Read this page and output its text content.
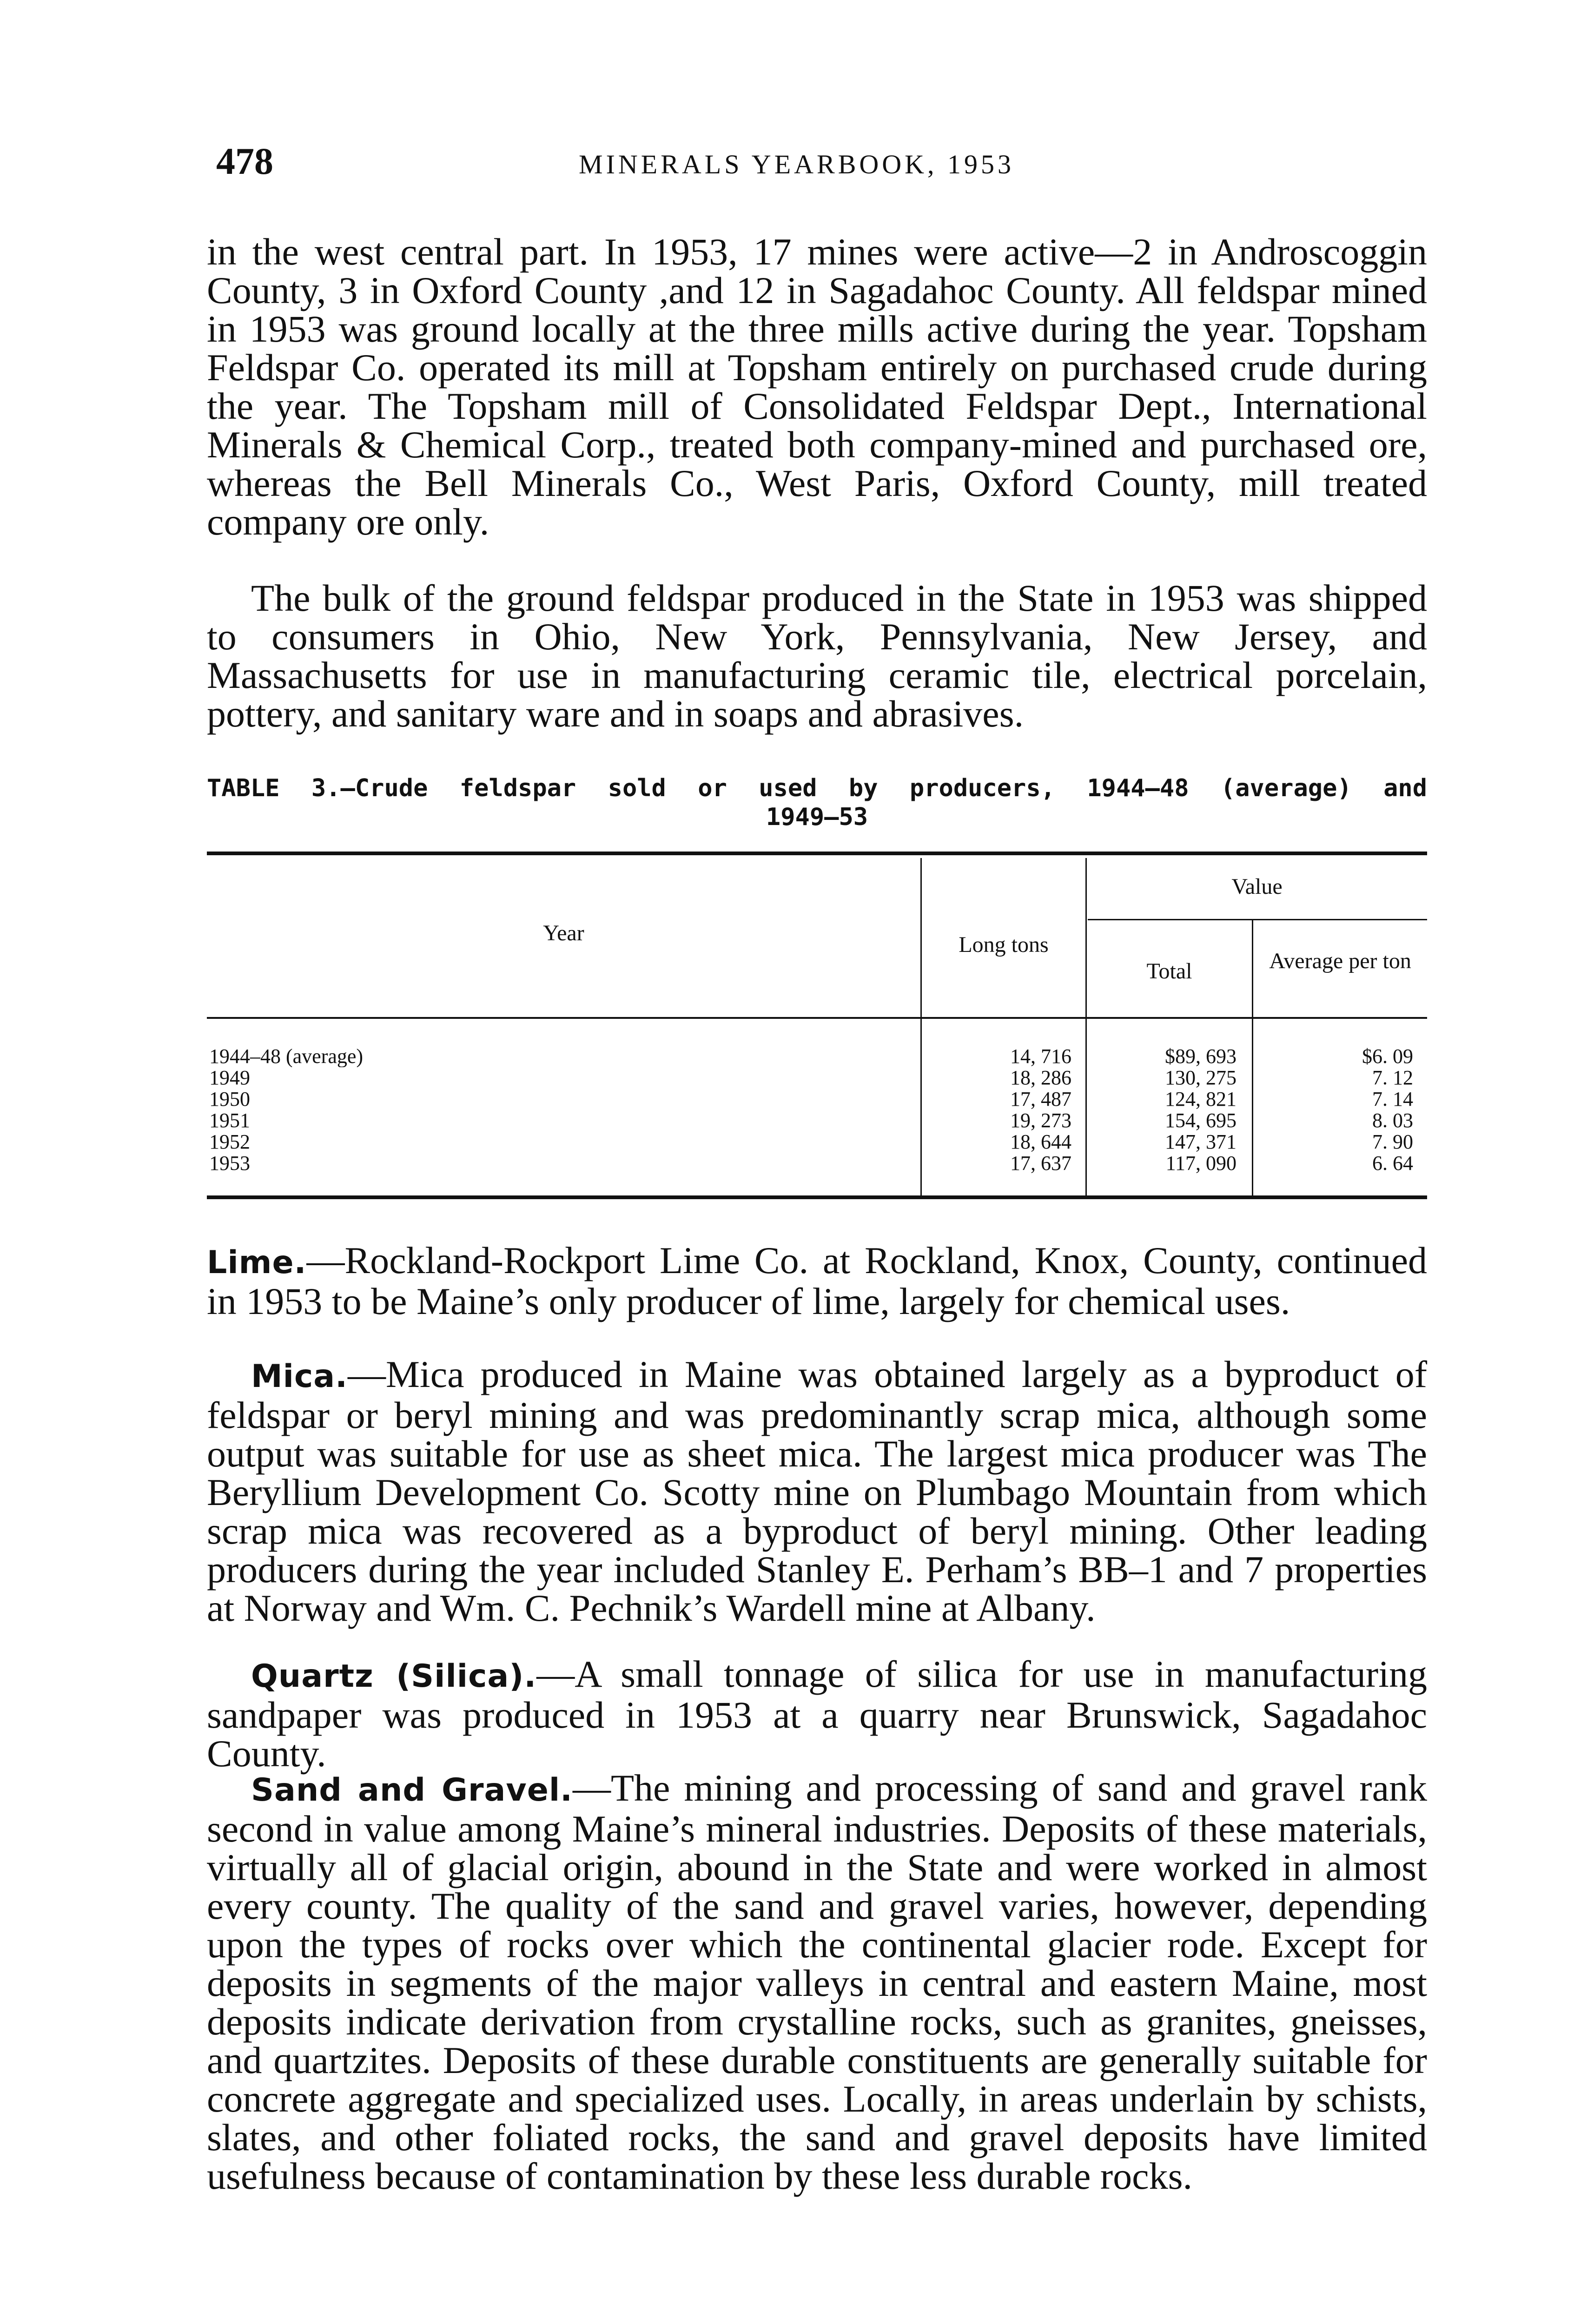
478	MINERALS YEARBOOK, 1953

in the west central part. In 1953, 17 mines were active—2 in Androscoggin County, 3 in Oxford County ,and 12 in Sagadahoc County. All feldspar mined in 1953 was ground locally at the three mills active during the year. Topsham Feldspar Co. operated its mill at Topsham entirely on purchased crude during the year. The Topsham mill of Consolidated Feldspar Dept., International Minerals & Chemical Corp., treated both company-mined and purchased ore, whereas the Bell Minerals Co., West Paris, Oxford County, mill treated company ore only.

The bulk of the ground feldspar produced in the State in 1953 was shipped to consumers in Ohio, New York, Pennsylvania, New Jersey, and Massachusetts for use in manufacturing ceramic tile, electrical porcelain, pottery, and sanitary ware and in soaps and abrasives.

TABLE 3.—Crude feldspar sold or used by producers, 1944–48 (average) and
1949–53
Year	Long tons
Value
Total	Average per ton
1944–48 (average)	14, 716	$89, 693	$6. 09
1949	18, 286	130, 275	7. 12
1950	17, 487	124, 821	7. 14
1951	19, 273	154, 695	8. 03
1952	18, 644	147, 371	7. 90
1953	17, 637	117, 090	6. 64

Lime.—Rockland-Rockport Lime Co. at Rockland, Knox, County, continued in 1953 to be Maine’s only producer of lime, largely for chemical uses.

Mica.—Mica produced in Maine was obtained largely as a byproduct of feldspar or beryl mining and was predominantly scrap mica, although some output was suitable for use as sheet mica. The largest mica producer was The Beryllium Development Co. Scotty mine on Plumbago Mountain from which scrap mica was recovered as a byproduct of beryl mining. Other leading producers during the year included Stanley E. Perham’s BB–1 and 7 properties at Norway and Wm. C. Pechnik’s Wardell mine at Albany.

Quartz (Silica).—A small tonnage of silica for use in manufacturing sandpaper was produced in 1953 at a quarry near Brunswick, Sagadahoc County.

Sand and Gravel.—The mining and processing of sand and gravel rank second in value among Maine’s mineral industries. Deposits of these materials, virtually all of glacial origin, abound in the State and were worked in almost every county. The quality of the sand and gravel varies, however, depending upon the types of rocks over which the continental glacier rode. Except for deposits in segments of the major valleys in central and eastern Maine, most deposits indicate derivation from crystalline rocks, such as granites, gneisses, and quartzites. Deposits of these durable constituents are generally suitable for concrete aggregate and specialized uses. Locally, in areas underlain by schists, slates, and other foliated rocks, the sand and gravel deposits have limited usefulness because of contamination by these less durable rocks.
